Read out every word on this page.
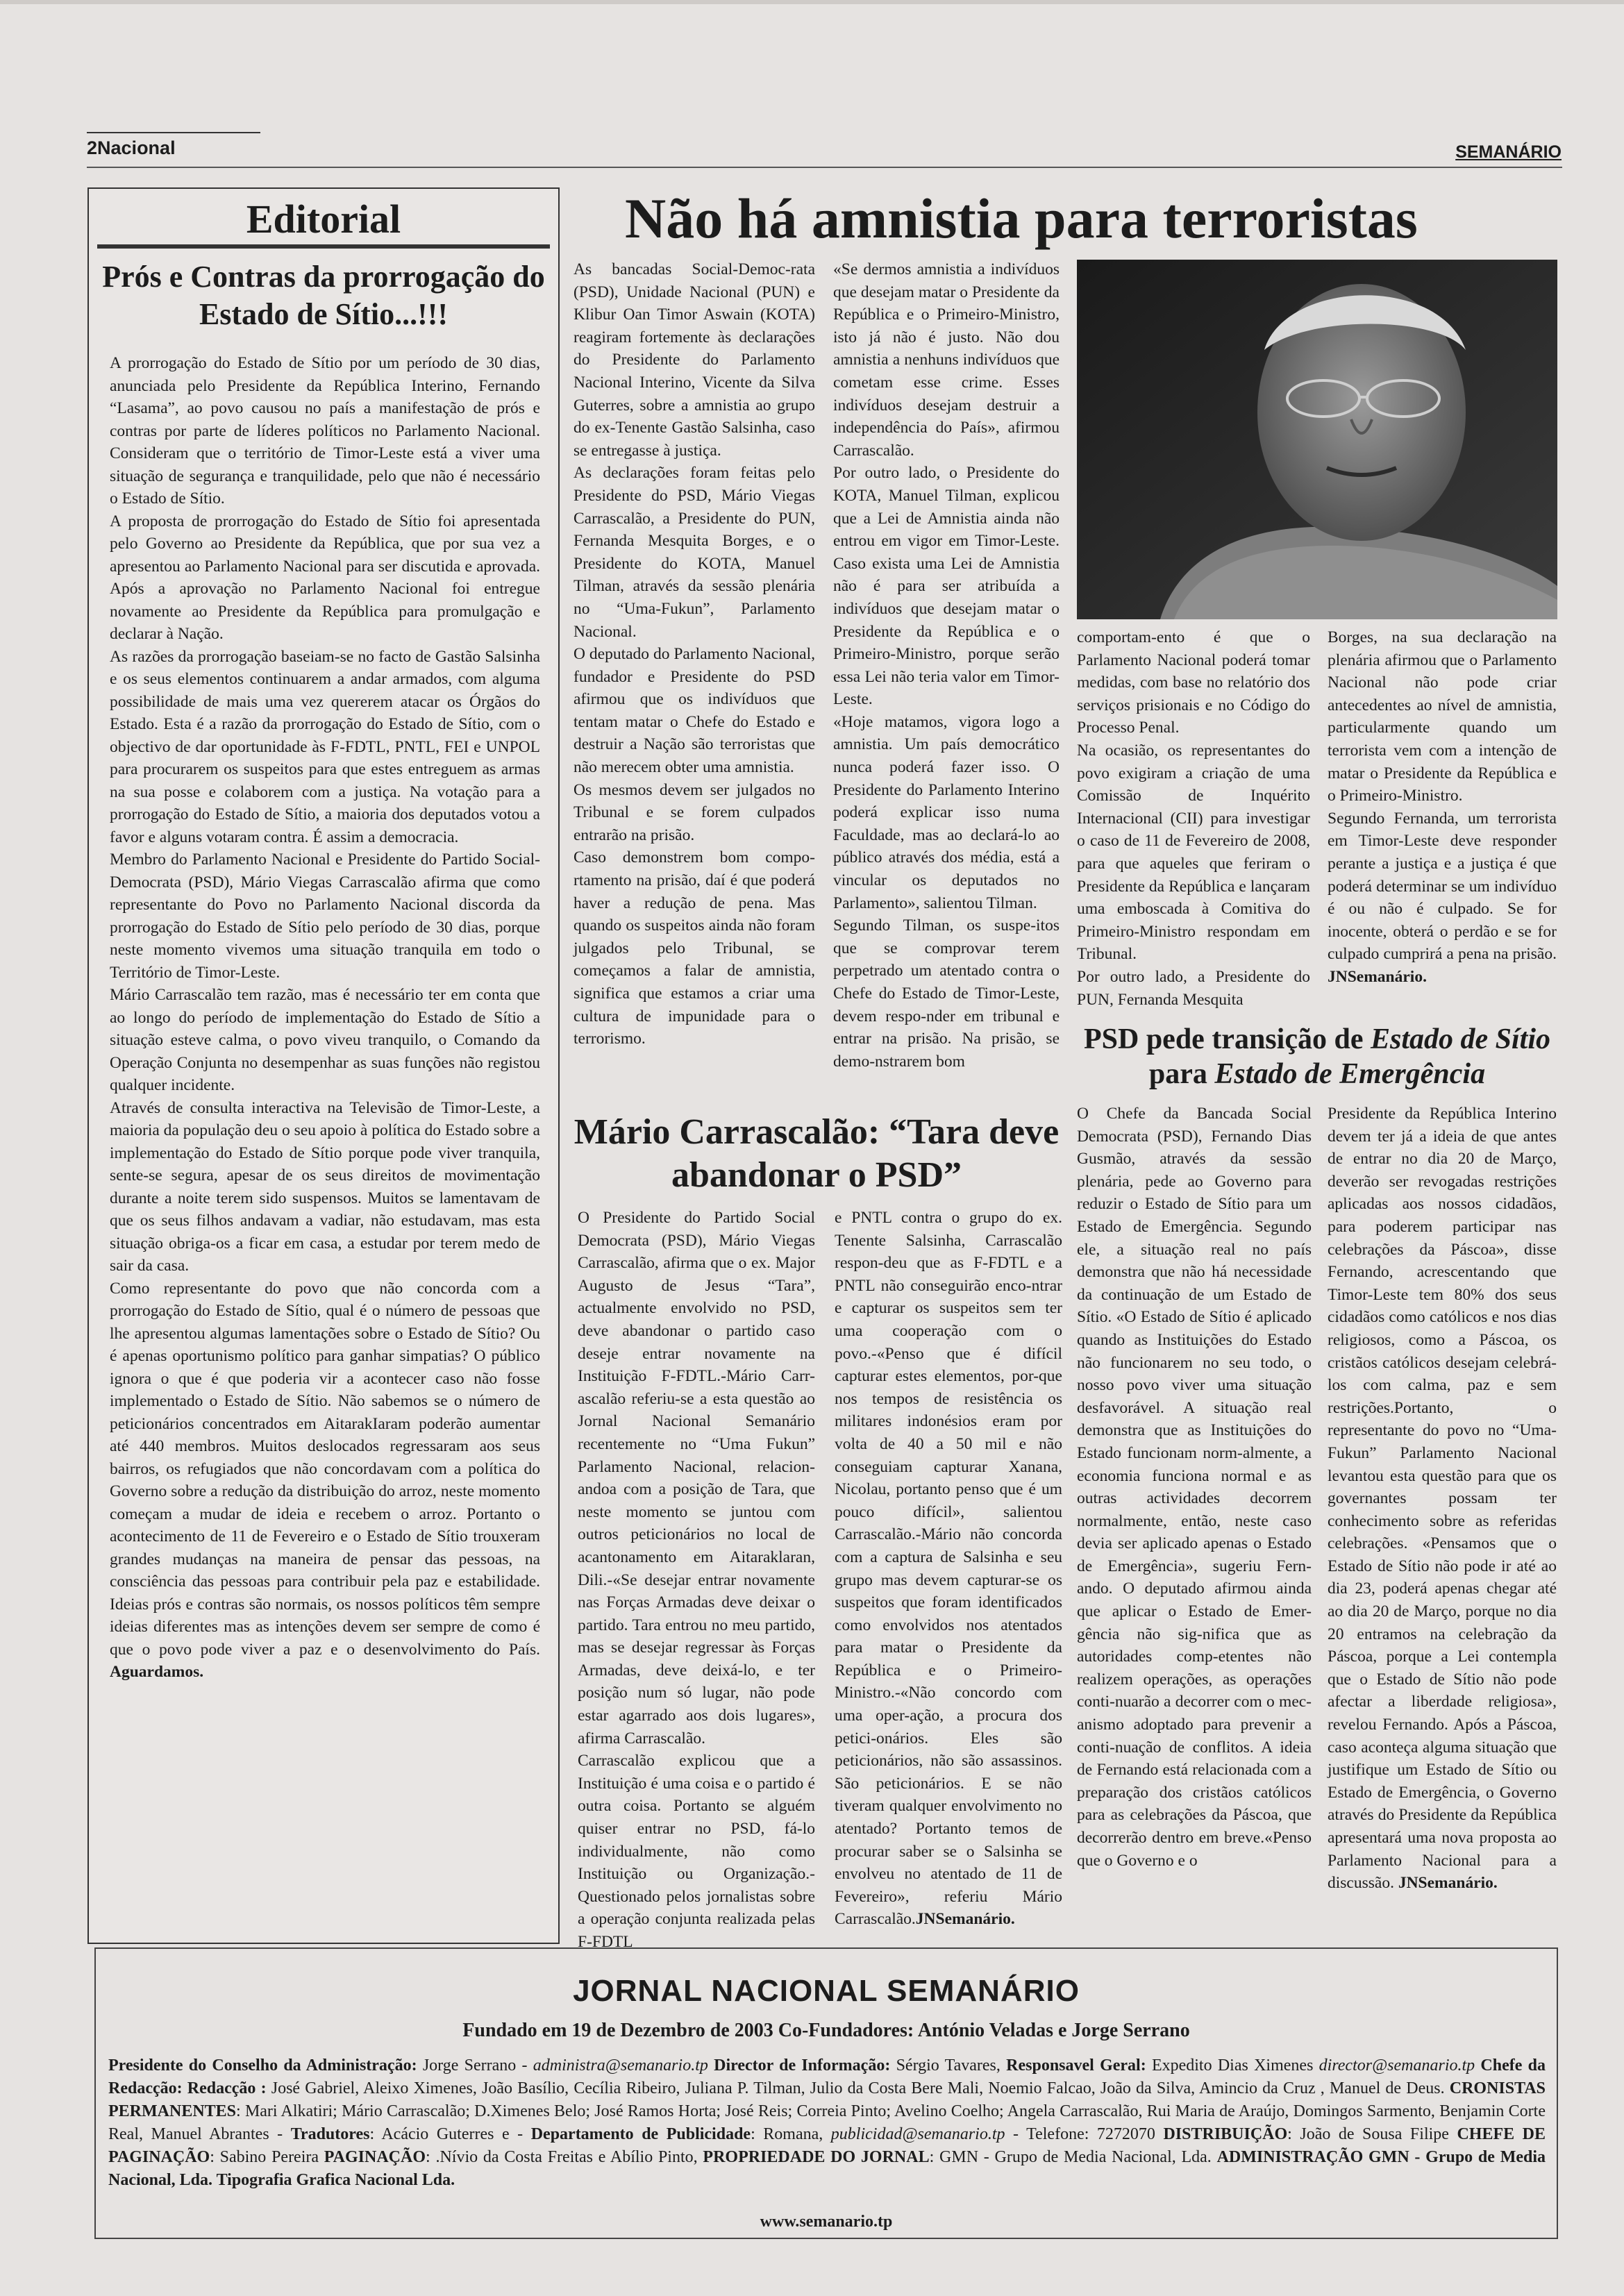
2Nacional	SEMANÁRIO
Editorial
Prós e Contras da prorrogação do Estado de Sítio...!!!

A prorrogação do Estado de Sítio por um período de 30 dias, anunciada pelo Presidente da República Interino, Fernando “Lasama”, ao povo causou no país a manifestação de prós e contras por parte de líderes políticos no Parlamento Nacional. Consideram que o território de Timor-Leste está a viver uma situação de segurança e tranquilidade, pelo que não é necessário o Estado de Sítio.

A proposta de prorrogação do Estado de Sítio foi apresentada pelo Governo ao Presidente da República, que por sua vez a apresentou ao Parlamento Nacional para ser discutida e aprovada. Após a aprovação no Parlamento Nacional foi entregue novamente ao Presidente da República para promulgação e declarar à Nação.

As razões da prorrogação baseiam-se no facto de Gastão Salsinha e os seus elementos continuarem a andar armados, com alguma possibilidade de mais uma vez quererem atacar os Órgãos do Estado. Esta é a razão da prorrogação do Estado de Sítio, com o objectivo de dar oportunidade às F-FDTL, PNTL, FEI e UNPOL para procurarem os suspeitos para que estes entreguem as armas na sua posse e colaborem com a justiça. Na votação para a prorrogação do Estado de Sítio, a maioria dos deputados votou a favor e alguns votaram contra. É assim a democracia.

Membro do Parlamento Nacional e Presidente do Partido Social-Democrata (PSD), Mário Viegas Carrascalão afirma que como representante do Povo no Parlamento Nacional discorda da prorrogação do Estado de Sítio pelo período de 30 dias, porque neste momento vivemos uma situação tranquila em todo o Território de Timor-Leste.

Mário Carrascalão tem razão, mas é necessário ter em conta que ao longo do período de implementação do Estado de Sítio a situação esteve calma, o povo viveu tranquilo, o Comando da Operação Conjunta no desempenhar as suas funções não registou qualquer incidente.

Através de consulta interactiva na Televisão de Timor-Leste, a maioria da população deu o seu apoio à política do Estado sobre a implementação do Estado de Sítio porque pode viver tranquila, sente-se segura, apesar de os seus direitos de movimentação durante a noite terem sido suspensos. Muitos se lamentavam de que os seus filhos andavam a vadiar, não estudavam, mas esta situação obriga-os a ficar em casa, a estudar por terem medo de sair da casa.

Como representante do povo que não concorda com a prorrogação do Estado de Sítio, qual é o número de pessoas que lhe apresentou algumas lamentações sobre o Estado de Sítio? Ou é apenas oportunismo político para ganhar simpatias? O público ignora o que é que poderia vir a acontecer caso não fosse implementado o Estado de Sítio. Não sabemos se o número de peticionários concentrados em AitarakIaram poderão aumentar até 440 membros. Muitos deslocados regressaram aos seus bairros, os refugiados que não concordavam com a política do Governo sobre a redução da distribuição do arroz, neste momento começam a mudar de ideia e recebem o arroz. Portanto o acontecimento de 11 de Fevereiro e o Estado de Sítio trouxeram grandes mudanças na maneira de pensar das pessoas, na consciência das pessoas para contribuir pela paz e estabilidade. Ideias prós e contras são normais, os nossos políticos têm sempre ideias diferentes mas as intenções devem ser sempre de como é que o povo pode viver a paz e o desenvolvimento do País. Aguardamos.

Não há amnistia para terroristas

As bancadas Social-Democ-rata (PSD), Unidade Nacional (PUN) e Klibur Oan Timor Aswain (KOTA) reagiram fortemente às declarações do Presidente do Parlamento Nacional Interino, Vicente da Silva Guterres, sobre a amnistia ao grupo do ex-Tenente Gastão Salsinha, caso se entregasse à justiça.

As declarações foram feitas pelo Presidente do PSD, Mário Viegas Carrascalão, a Presidente do PUN, Fernanda Mesquita Borges, e o Presidente do KOTA, Manuel Tilman, através da sessão plenária no “Uma-Fukun”, Parlamento Nacional.

O deputado do Parlamento Nacional, fundador e Presidente do PSD afirmou que os indivíduos que tentam matar o Chefe do Estado e destruir a Nação são terroristas que não merecem obter uma amnistia.

Os mesmos devem ser julgados no Tribunal e se forem culpados entrarão na prisão.

Caso demonstrem bom compo-rtamento na prisão, daí é que poderá haver a redução de pena. Mas quando os suspeitos ainda não foram julgados pelo Tribunal, se começamos a falar de amnistia, significa que estamos a criar uma cultura de impunidade para o terrorismo.

«Se dermos amnistia a indivíduos que desejam matar o Presidente da República e o Primeiro-Ministro, isto já não é justo. Não dou amnistia a nenhuns indivíduos que cometam esse crime. Esses indivíduos desejam destruir a independência do País», afirmou Carrascalão.

Por outro lado, o Presidente do KOTA, Manuel Tilman, explicou que a Lei de Amnistia ainda não entrou em vigor em Timor-Leste. Caso exista uma Lei de Amnistia não é para ser atribuída a indivíduos que desejam matar o Presidente da República e o Primeiro-Ministro, porque serão essa Lei não teria valor em Timor-Leste.

«Hoje matamos, vigora logo a amnistia. Um país democrático nunca poderá fazer isso. O Presidente do Parlamento Interino poderá explicar isso numa Faculdade, mas ao declará-lo ao público através dos média, está a vincular os deputados no Parlamento», salientou Tilman.

Segundo Tilman, os suspe-itos que se comprovar terem perpetrado um atentado contra o Chefe do Estado de Timor-Leste, devem respo-nder em tribunal e entrar na prisão. Na prisão, se demo-nstrarem bom

comportam-ento é que o Parlamento Nacional poderá tomar medidas, com base no relatório dos serviços prisionais e no Código do Processo Penal.

Na ocasião, os representantes do povo exigiram a criação de uma Comissão de Inquérito Internacional (CII) para investigar o caso de 11 de Fevereiro de 2008, para que aqueles que feriram o Presidente da República e lançaram uma emboscada à Comitiva do Primeiro-Ministro respondam em Tribunal.

Por outro lado, a Presidente do PUN, Fernanda Mesquita

Borges, na sua declaração na plenária afirmou que o Parlamento Nacional não pode criar antecedentes ao nível de amnistia, particularmente quando um terrorista vem com a intenção de matar o Presidente da República e o Primeiro-Ministro.

Segundo Fernanda, um terrorista em Timor-Leste deve responder perante a justiça e a justiça é que poderá determinar se um indivíduo é ou não é culpado. Se for inocente, obterá o perdão e se for culpado cumprirá a pena na prisão. JNSemanário.

Mário Carrascalão: “Tara deve abandonar o PSD”

O Presidente do Partido Social Democrata (PSD), Mário Viegas Carrascalão, afirma que o ex. Major Augusto de Jesus “Tara”, actualmente envolvido no PSD, deve abandonar o partido caso deseje entrar novamente na Instituição F-FDTL.-Mário Carr-ascalão referiu-se a esta questão ao Jornal Nacional Semanário recentemente no “Uma Fukun” Parlamento Nacional, relacion-andoa com a posição de Tara, que neste momento se juntou com outros peticionários no local de acantonamento em Aitaraklaran, Dili.-«Se desejar entrar novamente nas Forças Armadas deve deixar o partido. Tara entrou no meu partido, mas se desejar regressar às Forças Armadas, deve deixá-lo, e ter posição num só lugar, não pode estar agarrado aos dois lugares», afirma Carrascalão.

Carrascalão explicou que a Instituição é uma coisa e o partido é outra coisa. Portanto se alguém quiser entrar no PSD, fá-lo individualmente, não como Instituição ou Organização.-Questionado pelos jornalistas sobre a operação conjunta realizada pelas F-FDTL

e PNTL contra o grupo do ex. Tenente Salsinha, Carrascalão respon-deu que as F-FDTL e a PNTL não conseguirão enco-ntrar e capturar os suspeitos sem ter uma cooperação com o povo.-«Penso que é difícil capturar estes elementos, por-que nos tempos de resistência os militares indonésios eram por volta de 40 a 50 mil e não conseguiam capturar Xanana, Nicolau, portanto penso que é um pouco difícil», salientou Carrascalão.-Mário não concorda com a captura de Salsinha e seu grupo mas devem capturar-se os suspeitos que foram identificados como envolvidos nos atentados para matar o Presidente da República e o Primeiro-Ministro.-«Não concordo com uma oper-ação, a procura dos petici-onários. Eles são peticionários, não são assassinos. São peticionários. E se não tiveram qualquer envolvimento no atentado? Portanto temos de procurar saber se o Salsinha se envolveu no atentado de 11 de Fevereiro», referiu Mário Carrascalão.JNSemanário.

PSD pede transição de Estado de Sítio para Estado de Emergência

O Chefe da Bancada Social Democrata (PSD), Fernando Dias Gusmão, através da sessão plenária, pede ao Governo para reduzir o Estado de Sítio para um Estado de Emergência. Segundo ele, a situação real no país demonstra que não há necessidade da continuação de um Estado de Sítio. «O Estado de Sítio é aplicado quando as Instituições do Estado não funcionarem no seu todo, o nosso povo viver uma situação desfavorável. A situação real demonstra que as Instituições do Estado funcionam norm-almente, a economia funciona normal e as outras actividades decorrem normalmente, então, neste caso devia ser aplicado apenas o Estado de Emergência», sugeriu Fern-ando. O deputado afirmou ainda que aplicar o Estado de Emer-gência não sig-nifica que as autoridades comp-etentes não realizem operações, as operações conti-nuarão a decorrer com o mec-anismo adoptado para prevenir a conti-nuação de conflitos. A ideia de Fernando está relacionada com a preparação dos cristãos católicos para as celebrações da Páscoa, que decorrerão dentro em breve.«Penso que o Governo e o

Presidente da República Interino devem ter já a ideia de que antes de entrar no dia 20 de Março, deverão ser revogadas restrições aplicadas aos nossos cidadãos, para poderem participar nas celebrações da Páscoa», disse Fernando, acrescentando que Timor-Leste tem 80% dos seus cidadãos como católicos e nos dias religiosos, como a Páscoa, os cristãos católicos desejam celebrá-los com calma, paz e sem restrições.Portanto, o representante do povo no “Uma-Fukun” Parlamento Nacional levantou esta questão para que os governantes possam ter conhecimento sobre as referidas celebrações. «Pensamos que o Estado de Sítio não pode ir até ao dia 23, poderá apenas chegar até ao dia 20 de Março, porque no dia 20 entramos na celebração da Páscoa, porque a Lei contempla que o Estado de Sítio não pode afectar a liberdade religiosa», revelou Fernando. Após a Páscoa, caso aconteça alguma situação que justifique um Estado de Sítio ou Estado de Emergência, o Governo através do Presidente da República apresentará uma nova proposta ao Parlamento Nacional para a discussão. JNSemanário.

JORNAL NACIONAL SEMANÁRIO
Fundado em 19 de Dezembro de 2003 Co-Fundadores: António Veladas e Jorge Serrano
Presidente do Conselho da Administração: Jorge Serrano - administra@semanario.tp Director de Informação: Sérgio Tavares, Responsavel Geral: Expedito Dias Ximenes director@semanario.tp Chefe da Redacção: Redacção : José Gabriel, Aleixo Ximenes, João Basílio, Cecília Ribeiro, Juliana P. Tilman, Julio da Costa Bere Mali, Noemio Falcao, João da Silva, Amincio da Cruz , Manuel de Deus. CRONISTAS PERMANENTES: Mari Alkatiri; Mário Carrascalão; D.Ximenes Belo; José Ramos Horta; José Reis; Correia Pinto; Avelino Coelho; Angela Carrascalão, Rui Maria de Araújo, Domingos Sarmento, Benjamin Corte Real, Manuel Abrantes - Tradutores: Acácio Guterres e - Departamento de Publicidade: Romana, publicidad@semanario.tp - Telefone: 7272070 DISTRIBUIÇÃO: João de Sousa Filipe CHEFE DE PAGINAÇÃO: Sabino Pereira PAGINAÇÃO: .Nívio da Costa Freitas e Abílio Pinto, PROPRIEDADE DO JORNAL: GMN - Grupo de Media Nacional, Lda. ADMINISTRAÇÃO GMN - Grupo de Media Nacional, Lda. Tipografia Grafica Nacional Lda.
www.semanario.tp
